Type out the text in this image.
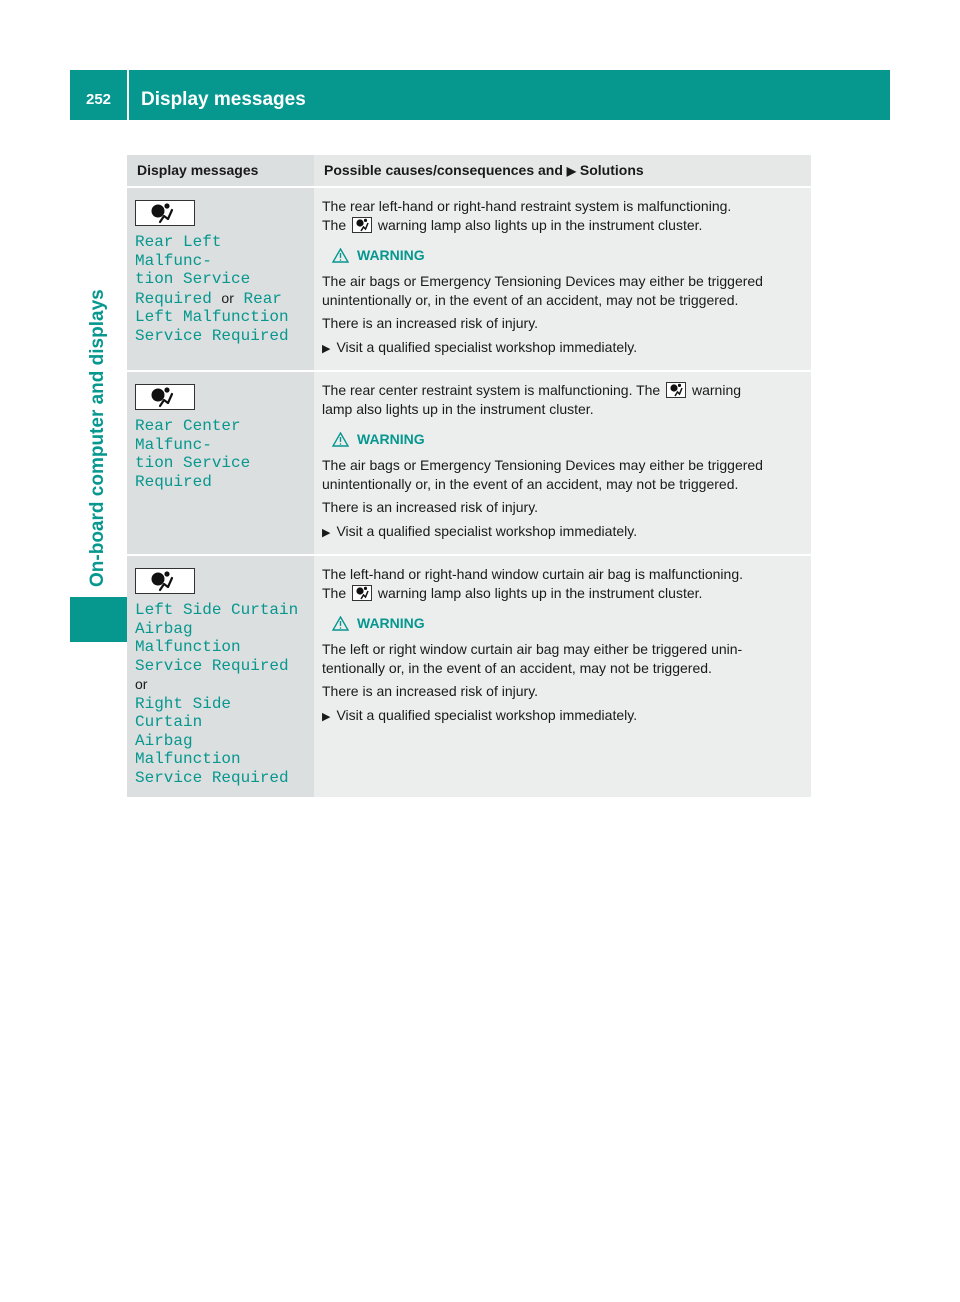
252	Display messages
On-board computer and displays
Display messages	Possible causes/consequences and ▶ Solutions
Rear Left Malfunc‐
tion Service
Required or Rear
Left Malfunction
Service Required

The rear left-hand or right-hand restraint system is malfunctioning.

The warning lamp also lights up in the instrument cluster.

WARNING

The air bags or Emergency Tensioning Devices may either be triggered

unintentionally or, in the event of an accident, may not be triggered.

There is an increased risk of injury.

▶ Visit a qualified specialist workshop immediately.

Rear Center Malfunc‐
tion Service
Required

The rear center restraint system is malfunctioning. The warning

lamp also lights up in the instrument cluster.

WARNING

The air bags or Emergency Tensioning Devices may either be triggered

unintentionally or, in the event of an accident, may not be triggered.

There is an increased risk of injury.

▶ Visit a qualified specialist workshop immediately.

Left Side Curtain
Airbag Malfunction
Service Required or
Right Side Curtain
Airbag Malfunction
Service Required

The left-hand or right-hand window curtain air bag is malfunctioning.

The warning lamp also lights up in the instrument cluster.

WARNING

The left or right window curtain air bag may either be triggered unin-

tentionally or, in the event of an accident, may not be triggered.

There is an increased risk of injury.

▶ Visit a qualified specialist workshop immediately.
